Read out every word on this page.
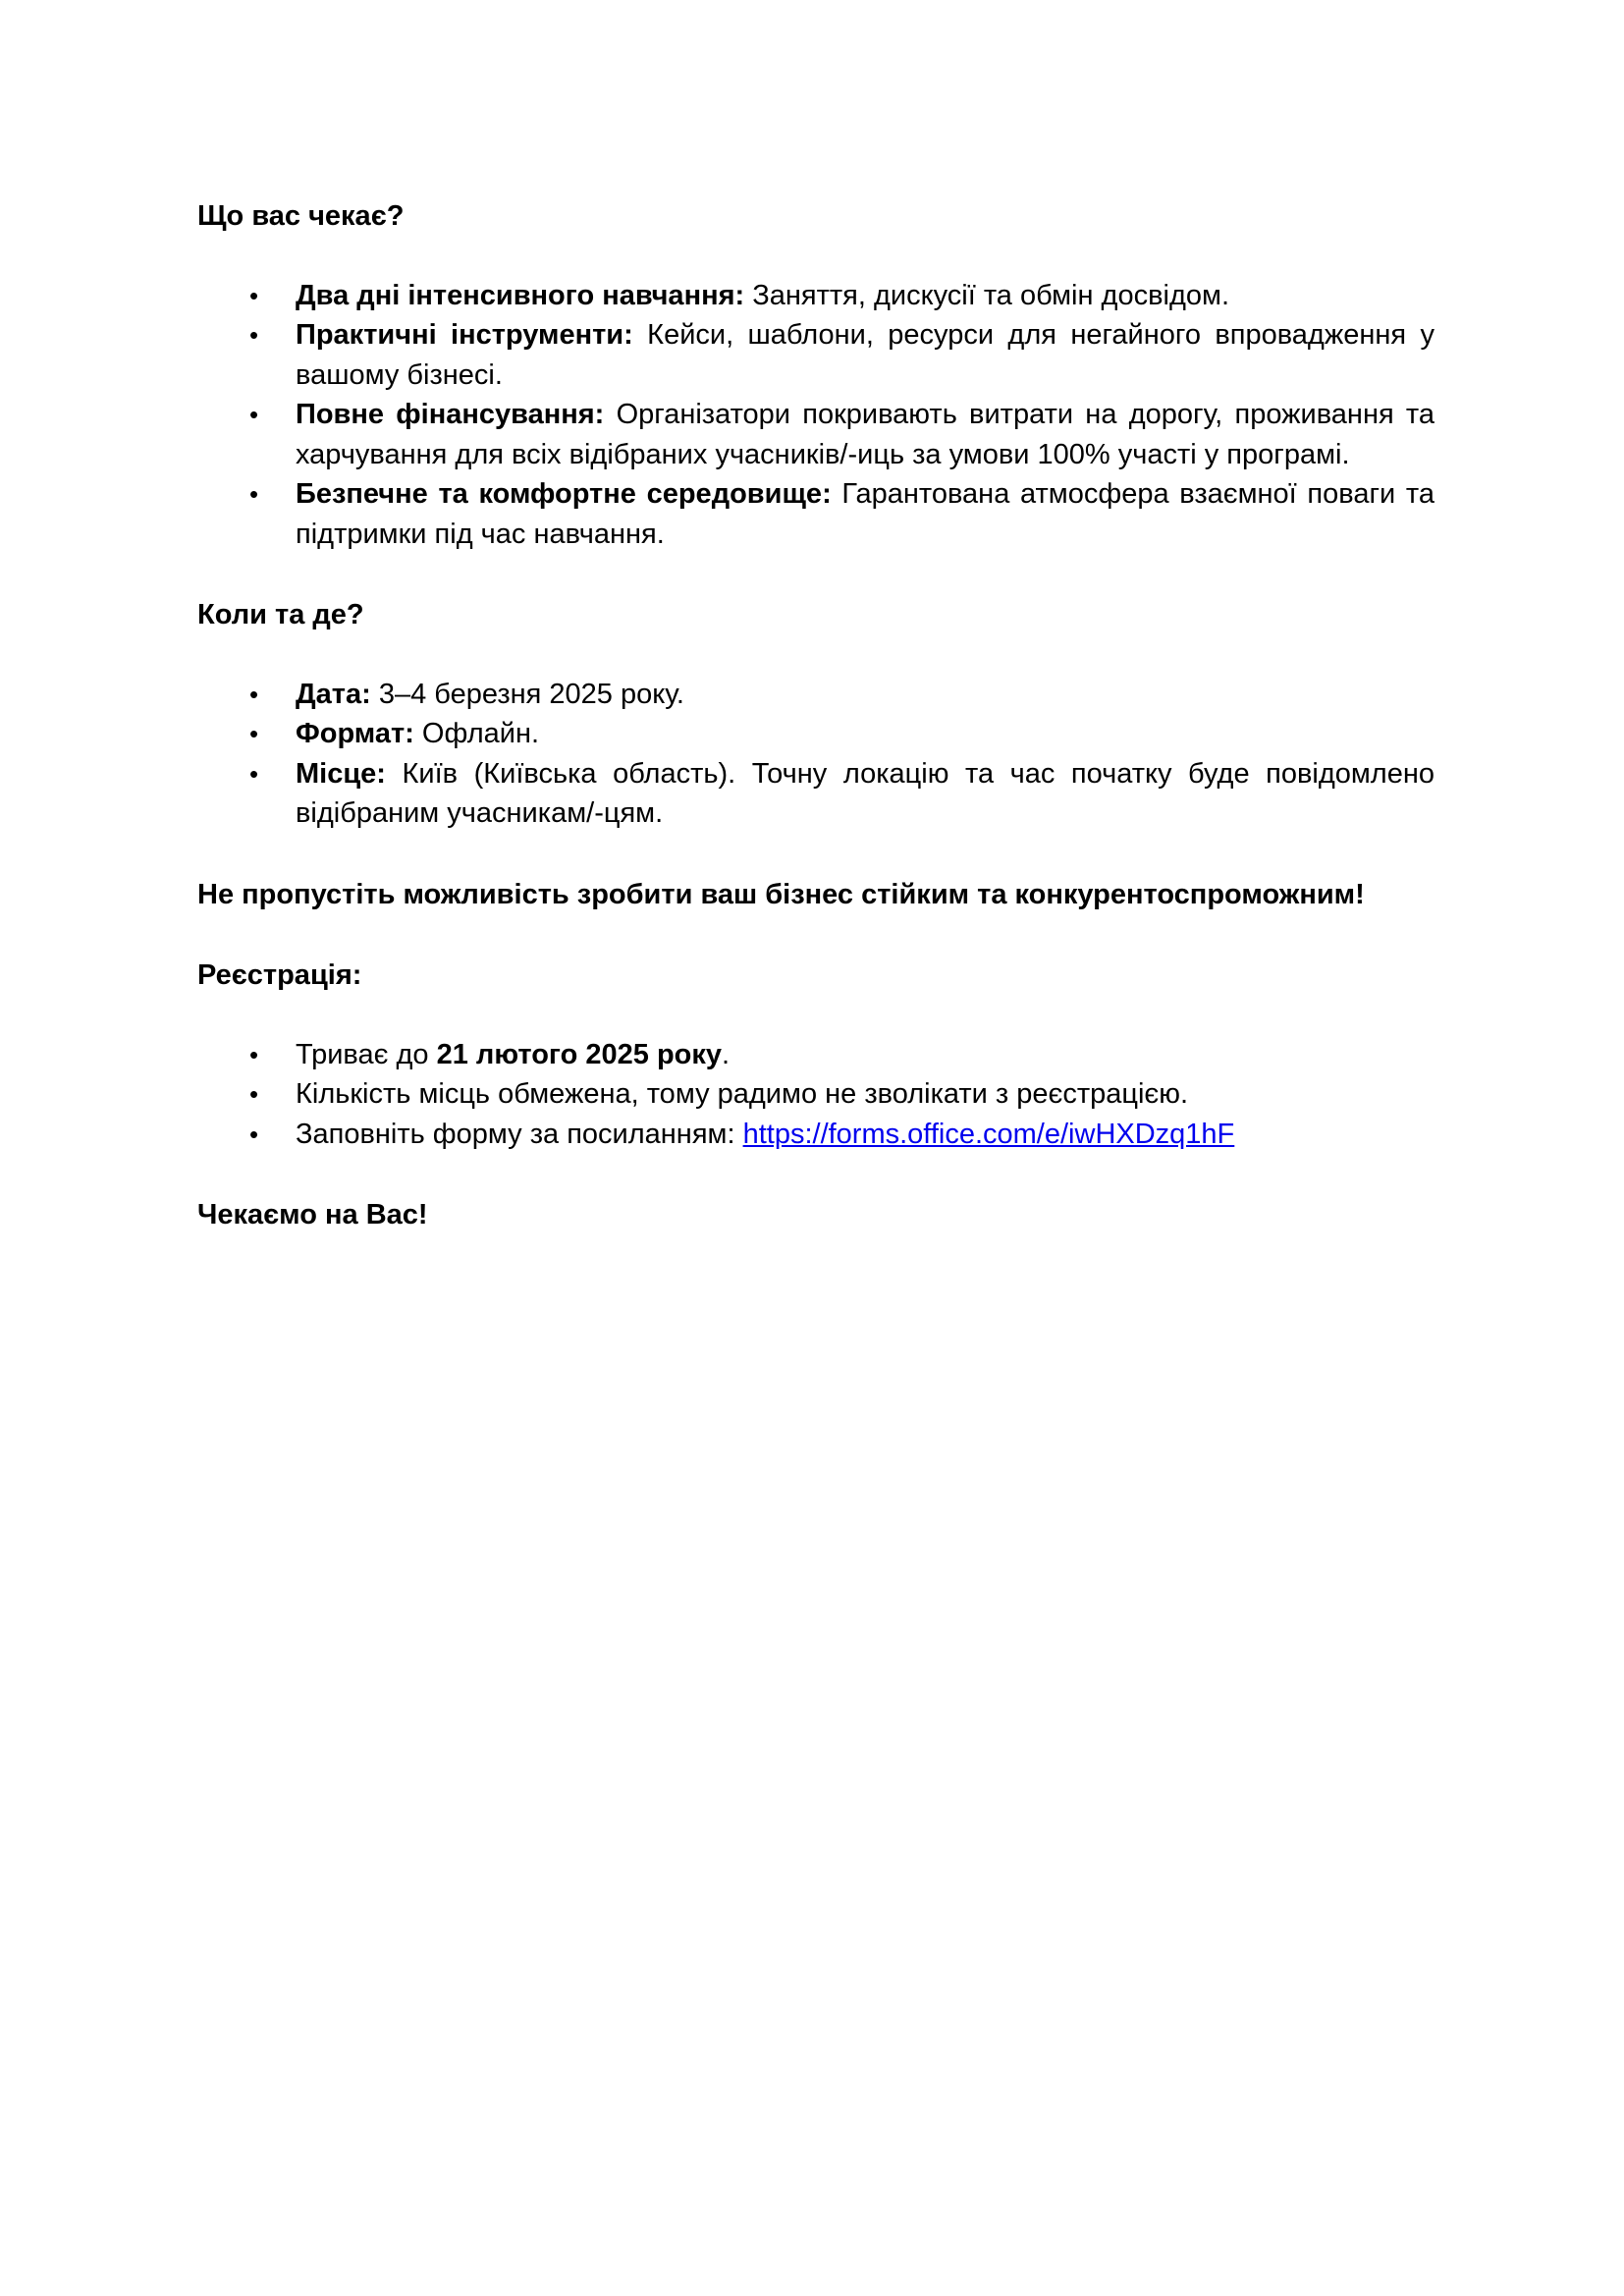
Що вас чекає?

• Два дні інтенсивного навчання: Заняття, дискусії та обмін досвідом.
• Практичні інструменти: Кейси, шаблони, ресурси для негайного впровадження у вашому бізнесі.
• Повне фінансування: Організатори покривають витрати на дорогу, проживання та харчування для всіх відібраних учасників/-иць за умови 100% участі у програмі.
• Безпечне та комфортне середовище: Гарантована атмосфера взаємної поваги та підтримки під час навчання.

Коли та де?

• Дата: 3–4 березня 2025 року.
• Формат: Офлайн.
• Місце: Київ (Київська область). Точну локацію та час початку буде повідомлено відібраним учасникам/-цям.

Не пропустіть можливість зробити ваш бізнес стійким та конкурентоспроможним!

Реєстрація:

• Триває до 21 лютого 2025 року.
• Кількість місць обмежена, тому радимо не зволікати з реєстрацією.
• Заповніть форму за посиланням: https://forms.office.com/e/iwHXDzq1hF

Чекаємо на Вас!
